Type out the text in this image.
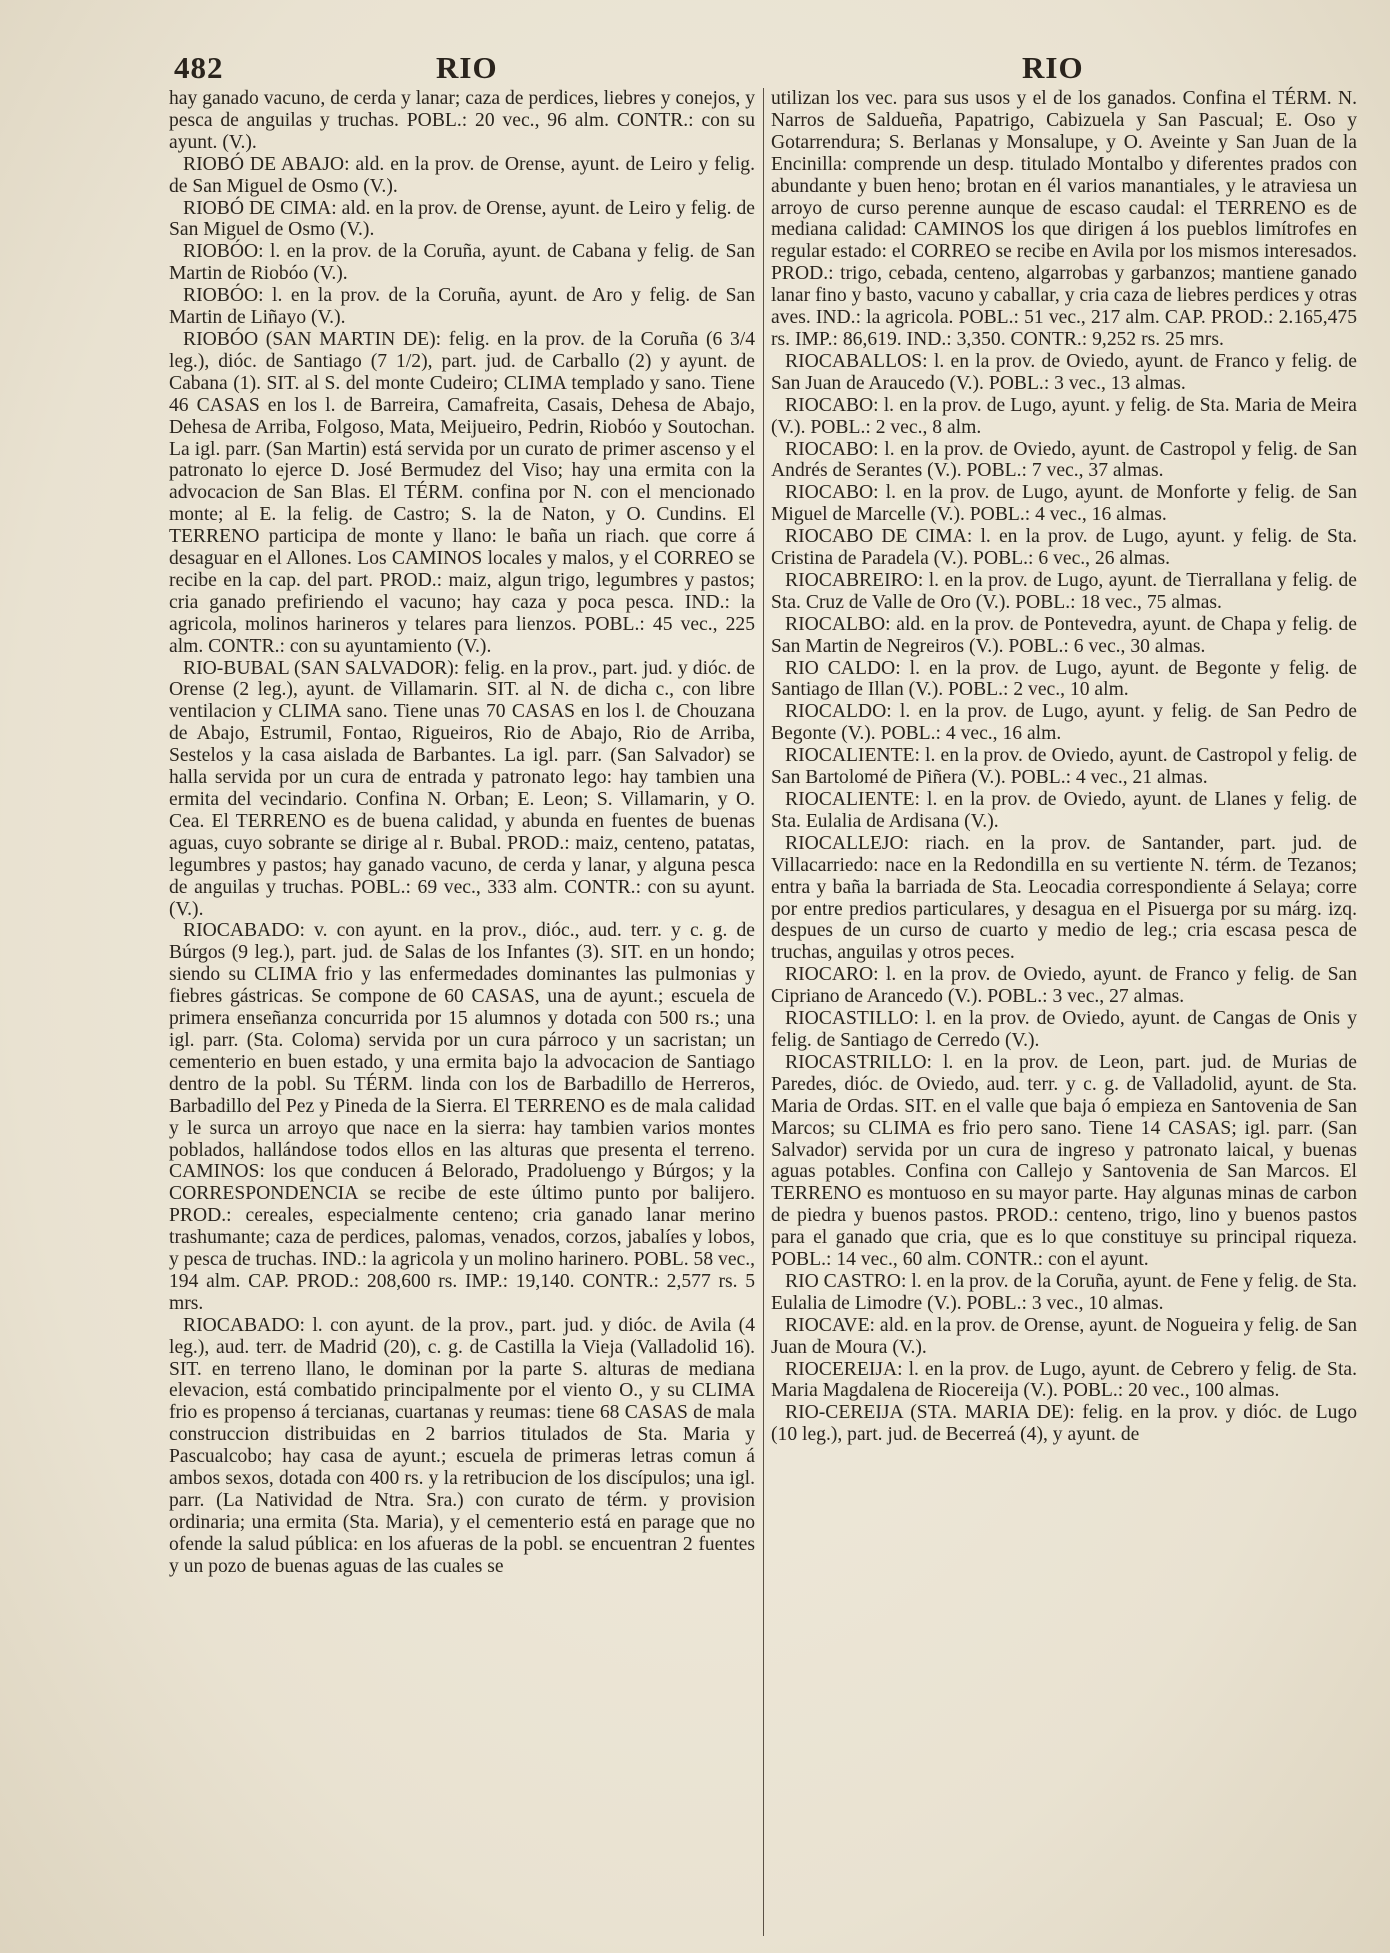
482	RIO	RIO

hay ganado vacuno, de cerda y lanar; caza de perdices, liebres y conejos, y pesca de anguilas y truchas. POBL.: 20 vec., 96 alm. CONTR.: con su ayunt. (V.).

RIOBÓ DE ABAJO: ald. en la prov. de Orense, ayunt. de Leiro y felig. de San Miguel de Osmo (V.).

RIOBÓ DE CIMA: ald. en la prov. de Orense, ayunt. de Leiro y felig. de San Miguel de Osmo (V.).

RIOBÓO: l. en la prov. de la Coruña, ayunt. de Cabana y felig. de San Martin de Riobóo (V.).

RIOBÓO: l. en la prov. de la Coruña, ayunt. de Aro y felig. de San Martin de Liñayo (V.).

RIOBÓO (SAN MARTIN DE): felig. en la prov. de la Coruña (6 3/4 leg.), dióc. de Santiago (7 1/2), part. jud. de Carballo (2) y ayunt. de Cabana (1). SIT. al S. del monte Cudeiro; CLIMA templado y sano. Tiene 46 CASAS en los l. de Barreira, Camafreita, Casais, Dehesa de Abajo, Dehesa de Arriba, Folgoso, Mata, Meijueiro, Pedrin, Riobóo y Soutochan. La igl. parr. (San Martin) está servida por un curato de primer ascenso y el patronato lo ejerce D. José Bermudez del Viso; hay una ermita con la advocacion de San Blas. El TÉRM. confina por N. con el mencionado monte; al E. la felig. de Castro; S. la de Naton, y O. Cundins. El TERRENO participa de monte y llano: le baña un riach. que corre á desaguar en el Allones. Los CAMINOS locales y malos, y el CORREO se recibe en la cap. del part. PROD.: maiz, algun trigo, legumbres y pastos; cria ganado prefiriendo el vacuno; hay caza y poca pesca. IND.: la agricola, molinos harineros y telares para lienzos. POBL.: 45 vec., 225 alm. CONTR.: con su ayuntamiento (V.).

RIO-BUBAL (SAN SALVADOR): felig. en la prov., part. jud. y dióc. de Orense (2 leg.), ayunt. de Villamarin. SIT. al N. de dicha c., con libre ventilacion y CLIMA sano. Tiene unas 70 CASAS en los l. de Chouzana de Abajo, Estrumil, Fontao, Rigueiros, Rio de Abajo, Rio de Arriba, Sestelos y la casa aislada de Barbantes. La igl. parr. (San Salvador) se halla servida por un cura de entrada y patronato lego: hay tambien una ermita del vecindario. Confina N. Orban; E. Leon; S. Villamarin, y O. Cea. El TERRENO es de buena calidad, y abunda en fuentes de buenas aguas, cuyo sobrante se dirige al r. Bubal. PROD.: maiz, centeno, patatas, legumbres y pastos; hay ganado vacuno, de cerda y lanar, y alguna pesca de anguilas y truchas. POBL.: 69 vec., 333 alm. CONTR.: con su ayunt. (V.).

RIOCABADO: v. con ayunt. en la prov., dióc., aud. terr. y c. g. de Búrgos (9 leg.), part. jud. de Salas de los Infantes (3). SIT. en un hondo; siendo su CLIMA frio y las enfermedades dominantes las pulmonias y fiebres gástricas. Se compone de 60 CASAS, una de ayunt.; escuela de primera enseñanza concurrida por 15 alumnos y dotada con 500 rs.; una igl. parr. (Sta. Coloma) servida por un cura párroco y un sacristan; un cementerio en buen estado, y una ermita bajo la advocacion de Santiago dentro de la pobl. Su TÉRM. linda con los de Barbadillo de Herreros, Barbadillo del Pez y Pineda de la Sierra. El TERRENO es de mala calidad y le surca un arroyo que nace en la sierra: hay tambien varios montes poblados, hallándose todos ellos en las alturas que presenta el terreno. CAMINOS: los que conducen á Belorado, Pradoluengo y Búrgos; y la CORRESPONDENCIA se recibe de este último punto por balijero. PROD.: cereales, especialmente centeno; cria ganado lanar merino trashumante; caza de perdices, palomas, venados, corzos, jabalíes y lobos, y pesca de truchas. IND.: la agricola y un molino harinero. POBL. 58 vec., 194 alm. CAP. PROD.: 208,600 rs. IMP.: 19,140. CONTR.: 2,577 rs. 5 mrs.

RIOCABADO: l. con ayunt. de la prov., part. jud. y dióc. de Avila (4 leg.), aud. terr. de Madrid (20), c. g. de Castilla la Vieja (Valladolid 16). SIT. en terreno llano, le dominan por la parte S. alturas de mediana elevacion, está combatido principalmente por el viento O., y su CLIMA frio es propenso á tercianas, cuartanas y reumas: tiene 68 CASAS de mala construccion distribuidas en 2 barrios titulados de Sta. Maria y Pascualcobo; hay casa de ayunt.; escuela de primeras letras comun á ambos sexos, dotada con 400 rs. y la retribucion de los discípulos; una igl. parr. (La Natividad de Ntra. Sra.) con curato de térm. y provision ordinaria; una ermita (Sta. Maria), y el cementerio está en parage que no ofende la salud pública: en los afueras de la pobl. se encuentran 2 fuentes y un pozo de buenas aguas de las cuales se

utilizan los vec. para sus usos y el de los ganados. Confina el TÉRM. N. Narros de Saldueña, Papatrigo, Cabizuela y San Pascual; E. Oso y Gotarrendura; S. Berlanas y Monsalupe, y O. Aveinte y San Juan de la Encinilla: comprende un desp. titulado Montalbo y diferentes prados con abundante y buen heno; brotan en él varios manantiales, y le atraviesa un arroyo de curso perenne aunque de escaso caudal: el TERRENO es de mediana calidad: CAMINOS los que dirigen á los pueblos limítrofes en regular estado: el CORREO se recibe en Avila por los mismos interesados. PROD.: trigo, cebada, centeno, algarrobas y garbanzos; mantiene ganado lanar fino y basto, vacuno y caballar, y cria caza de liebres perdices y otras aves. IND.: la agricola. POBL.: 51 vec., 217 alm. CAP. PROD.: 2.165,475 rs. IMP.: 86,619. IND.: 3,350. CONTR.: 9,252 rs. 25 mrs.

RIOCABALLOS: l. en la prov. de Oviedo, ayunt. de Franco y felig. de San Juan de Araucedo (V.). POBL.: 3 vec., 13 almas.

RIOCABO: l. en la prov. de Lugo, ayunt. y felig. de Sta. Maria de Meira (V.). POBL.: 2 vec., 8 alm.

RIOCABO: l. en la prov. de Oviedo, ayunt. de Castropol y felig. de San Andrés de Serantes (V.). POBL.: 7 vec., 37 almas.

RIOCABO: l. en la prov. de Lugo, ayunt. de Monforte y felig. de San Miguel de Marcelle (V.). POBL.: 4 vec., 16 almas.

RIOCABO DE CIMA: l. en la prov. de Lugo, ayunt. y felig. de Sta. Cristina de Paradela (V.). POBL.: 6 vec., 26 almas.

RIOCABREIRO: l. en la prov. de Lugo, ayunt. de Tierrallana y felig. de Sta. Cruz de Valle de Oro (V.). POBL.: 18 vec., 75 almas.

RIOCALBO: ald. en la prov. de Pontevedra, ayunt. de Chapa y felig. de San Martin de Negreiros (V.). POBL.: 6 vec., 30 almas.

RIO CALDO: l. en la prov. de Lugo, ayunt. de Begonte y felig. de Santiago de Illan (V.). POBL.: 2 vec., 10 alm.

RIOCALDO: l. en la prov. de Lugo, ayunt. y felig. de San Pedro de Begonte (V.). POBL.: 4 vec., 16 alm.

RIOCALIENTE: l. en la prov. de Oviedo, ayunt. de Castropol y felig. de San Bartolomé de Piñera (V.). POBL.: 4 vec., 21 almas.

RIOCALIENTE: l. en la prov. de Oviedo, ayunt. de Llanes y felig. de Sta. Eulalia de Ardisana (V.).

RIOCALLEJO: riach. en la prov. de Santander, part. jud. de Villacarriedo: nace en la Redondilla en su vertiente N. térm. de Tezanos; entra y baña la barriada de Sta. Leocadia correspondiente á Selaya; corre por entre predios particulares, y desagua en el Pisuerga por su márg. izq. despues de un curso de cuarto y medio de leg.; cria escasa pesca de truchas, anguilas y otros peces.

RIOCARO: l. en la prov. de Oviedo, ayunt. de Franco y felig. de San Cipriano de Arancedo (V.). POBL.: 3 vec., 27 almas.

RIOCASTILLO: l. en la prov. de Oviedo, ayunt. de Cangas de Onis y felig. de Santiago de Cerredo (V.).

RIOCASTRILLO: l. en la prov. de Leon, part. jud. de Murias de Paredes, dióc. de Oviedo, aud. terr. y c. g. de Valladolid, ayunt. de Sta. Maria de Ordas. SIT. en el valle que baja ó empieza en Santovenia de San Marcos; su CLIMA es frio pero sano. Tiene 14 CASAS; igl. parr. (San Salvador) servida por un cura de ingreso y patronato laical, y buenas aguas potables. Confina con Callejo y Santovenia de San Marcos. El TERRENO es montuoso en su mayor parte. Hay algunas minas de carbon de piedra y buenos pastos. PROD.: centeno, trigo, lino y buenos pastos para el ganado que cria, que es lo que constituye su principal riqueza. POBL.: 14 vec., 60 alm. CONTR.: con el ayunt.

RIO CASTRO: l. en la prov. de la Coruña, ayunt. de Fene y felig. de Sta. Eulalia de Limodre (V.). POBL.: 3 vec., 10 almas.

RIOCAVE: ald. en la prov. de Orense, ayunt. de Nogueira y felig. de San Juan de Moura (V.).

RIOCEREIJA: l. en la prov. de Lugo, ayunt. de Cebrero y felig. de Sta. Maria Magdalena de Riocereija (V.). POBL.: 20 vec., 100 almas.

RIO-CEREIJA (STA. MARIA DE): felig. en la prov. y dióc. de Lugo (10 leg.), part. jud. de Becerreá (4), y ayunt. de
